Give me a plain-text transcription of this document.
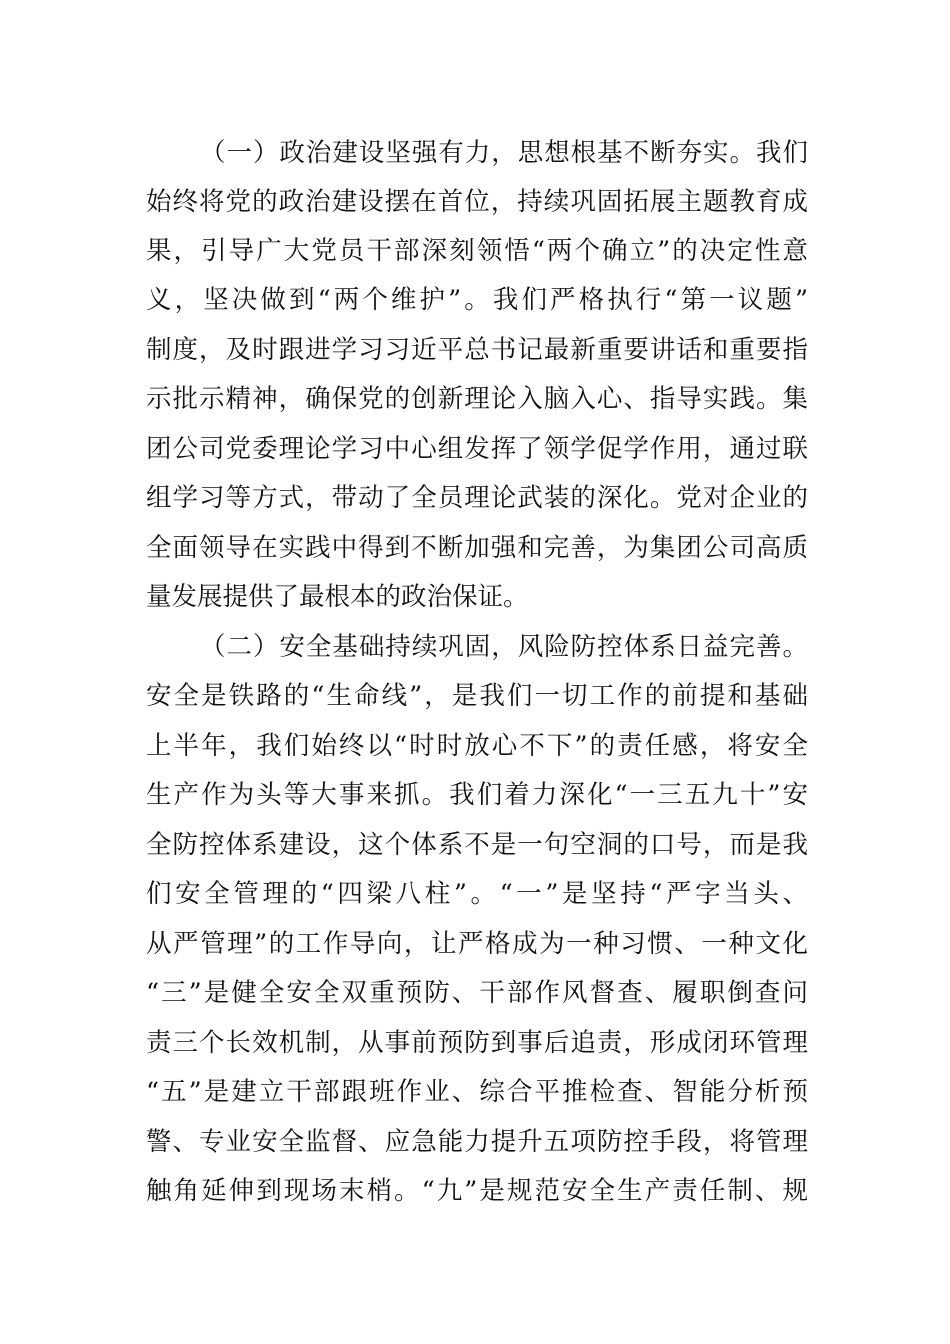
（一）政治建设坚强有力，思想根基不断夯实。我们
始终将党的政治建设摆在首位，持续巩固拓展主题教育成
果，引导广大党员干部深刻领悟“两个确立”的决定性意
义，坚决做到“两个维护”。我们严格执行“第一议题”
制度，及时跟进学习习近平总书记最新重要讲话和重要指
示批示精神，确保党的创新理论入脑入心、指导实践。集
团公司党委理论学习中心组发挥了领学促学作用，通过联
组学习等方式，带动了全员理论武装的深化。党对企业的
全面领导在实践中得到不断加强和完善，为集团公司高质
量发展提供了最根本的政治保证。
（二）安全基础持续巩固，风险防控体系日益完善。
安全是铁路的“生命线”，是我们一切工作的前提和基础
上半年，我们始终以“时时放心不下”的责任感，将安全
生产作为头等大事来抓。我们着力深化“一三五九十”安
全防控体系建设，这个体系不是一句空洞的口号，而是我
们安全管理的“四梁八柱”。“一”是坚持“严字当头、
从严管理”的工作导向，让严格成为一种习惯、一种文化
“三”是健全安全双重预防、干部作风督查、履职倒查问
责三个长效机制，从事前预防到事后追责，形成闭环管理
“五”是建立干部跟班作业、综合平推检查、智能分析预
警、专业安全监督、应急能力提升五项防控手段，将管理
触角延伸到现场末梢。“九”是规范安全生产责任制、规
